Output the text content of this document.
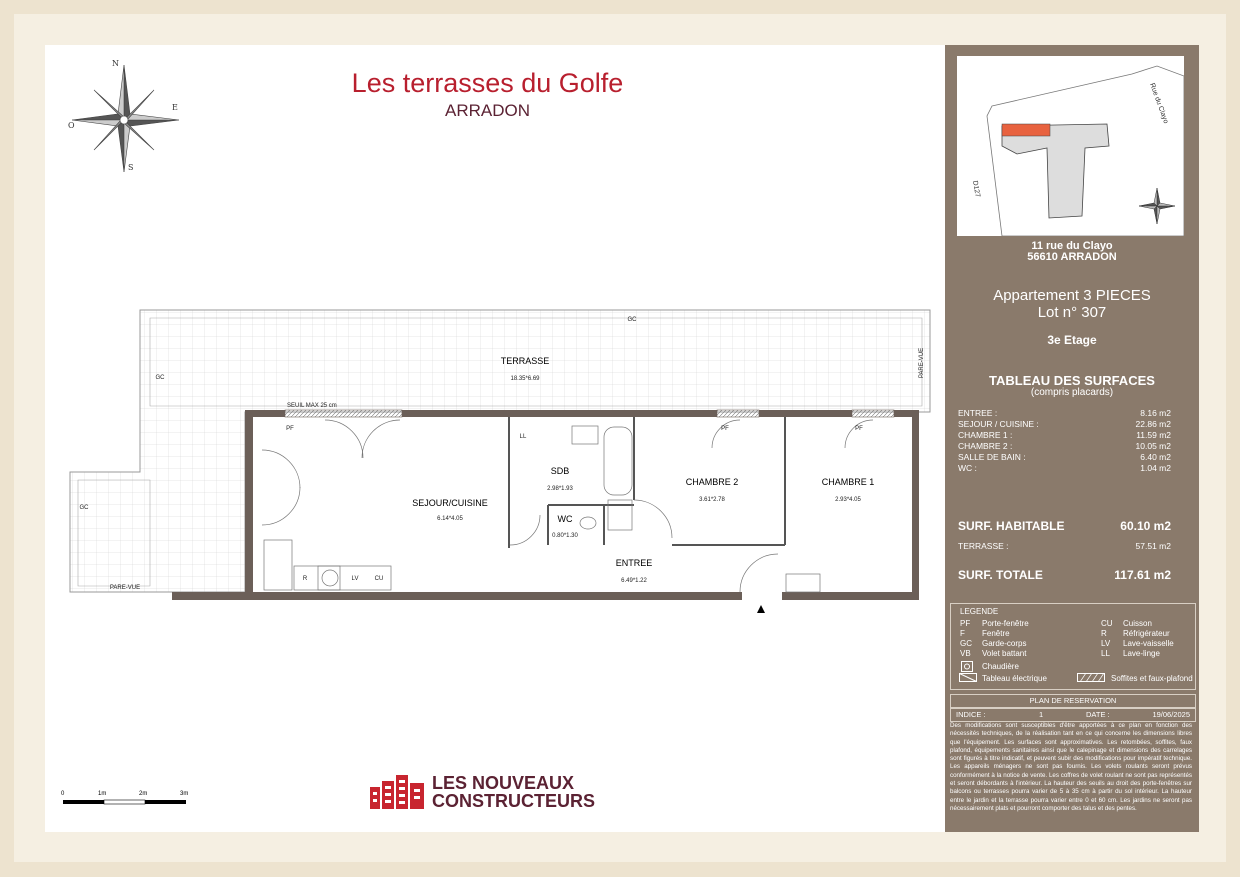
Les terrasses du Golfe
ARRADON
N
E
S
O
TERRASSE
18.35*6.69
SEJOUR/CUISINE
6.14*4.05
SDB
2.98*1.93
WC
0.80*1.30
CHAMBRE 2
3.61*2.78
CHAMBRE 1
2.93*4.05
ENTREE
6.49*1.22
GC
GC
GC
PARE-VUE
PARE-VUE
SEUIL MAX 25 cm
PF	PF	PF
LL
R	LV	CU
0	1m	2m	3m
LES NOUVEAUX
CONSTRUCTEURS
Rue du Clayo
D127
11 rue du Clayo
56610 ARRADON
Appartement 3 PIECES
Lot n° 307
3e Etage
TABLEAU DES SURFACES
(compris placards)
ENTREE :	8.16 m2
SEJOUR / CUISINE :	22.86 m2
CHAMBRE 1 :	11.59 m2
CHAMBRE 2 :	10.05 m2
SALLE DE BAIN :	6.40 m2
WC :	1.04 m2
SURF. HABITABLE	60.10 m2
TERRASSE :	57.51 m2
SURF. TOTALE	117.61 m2
LEGENDE
PF	Porte-fenêtre
F	Fenêtre
GC	Garde-corps
VB	Volet battant
CU	Cuisson
R	Réfrigérateur
LV	Lave-vaisselle
LL	Lave-linge
Chaudière
Tableau électrique	Soffites et faux-plafond
PLAN DE RESERVATION
INDICE :	1	DATE :	19/06/2025
Des modifications sont susceptibles d'être apportées à ce plan en fonction des nécessités techniques, de la réalisation tant en ce qui concerne les dimensions libres que l'équipement. Les surfaces sont approximatives. Les retombées, soffites, faux plafond, équipements sanitaires ainsi que le calepinage et dimensions des carrelages sont figurés à titre indicatif, et peuvent subir des modifications pour impératif technique. Les appareils ménagers ne sont pas fournis. Les volets roulants seront prévus conformément à la notice de vente. Les coffres de volet roulant ne sont pas représentés et seront débordants à l'intérieur. La hauteur des seuils au droit des porte-fenêtres sur balcons ou terrasses pourra varier de 5 à 35 cm à partir du sol intérieur. La hauteur entre le jardin et la terrasse pourra varier entre 0 et 60 cm. Les jardins ne seront pas nécessairement plats et pourront comporter des talus et des pentes.
